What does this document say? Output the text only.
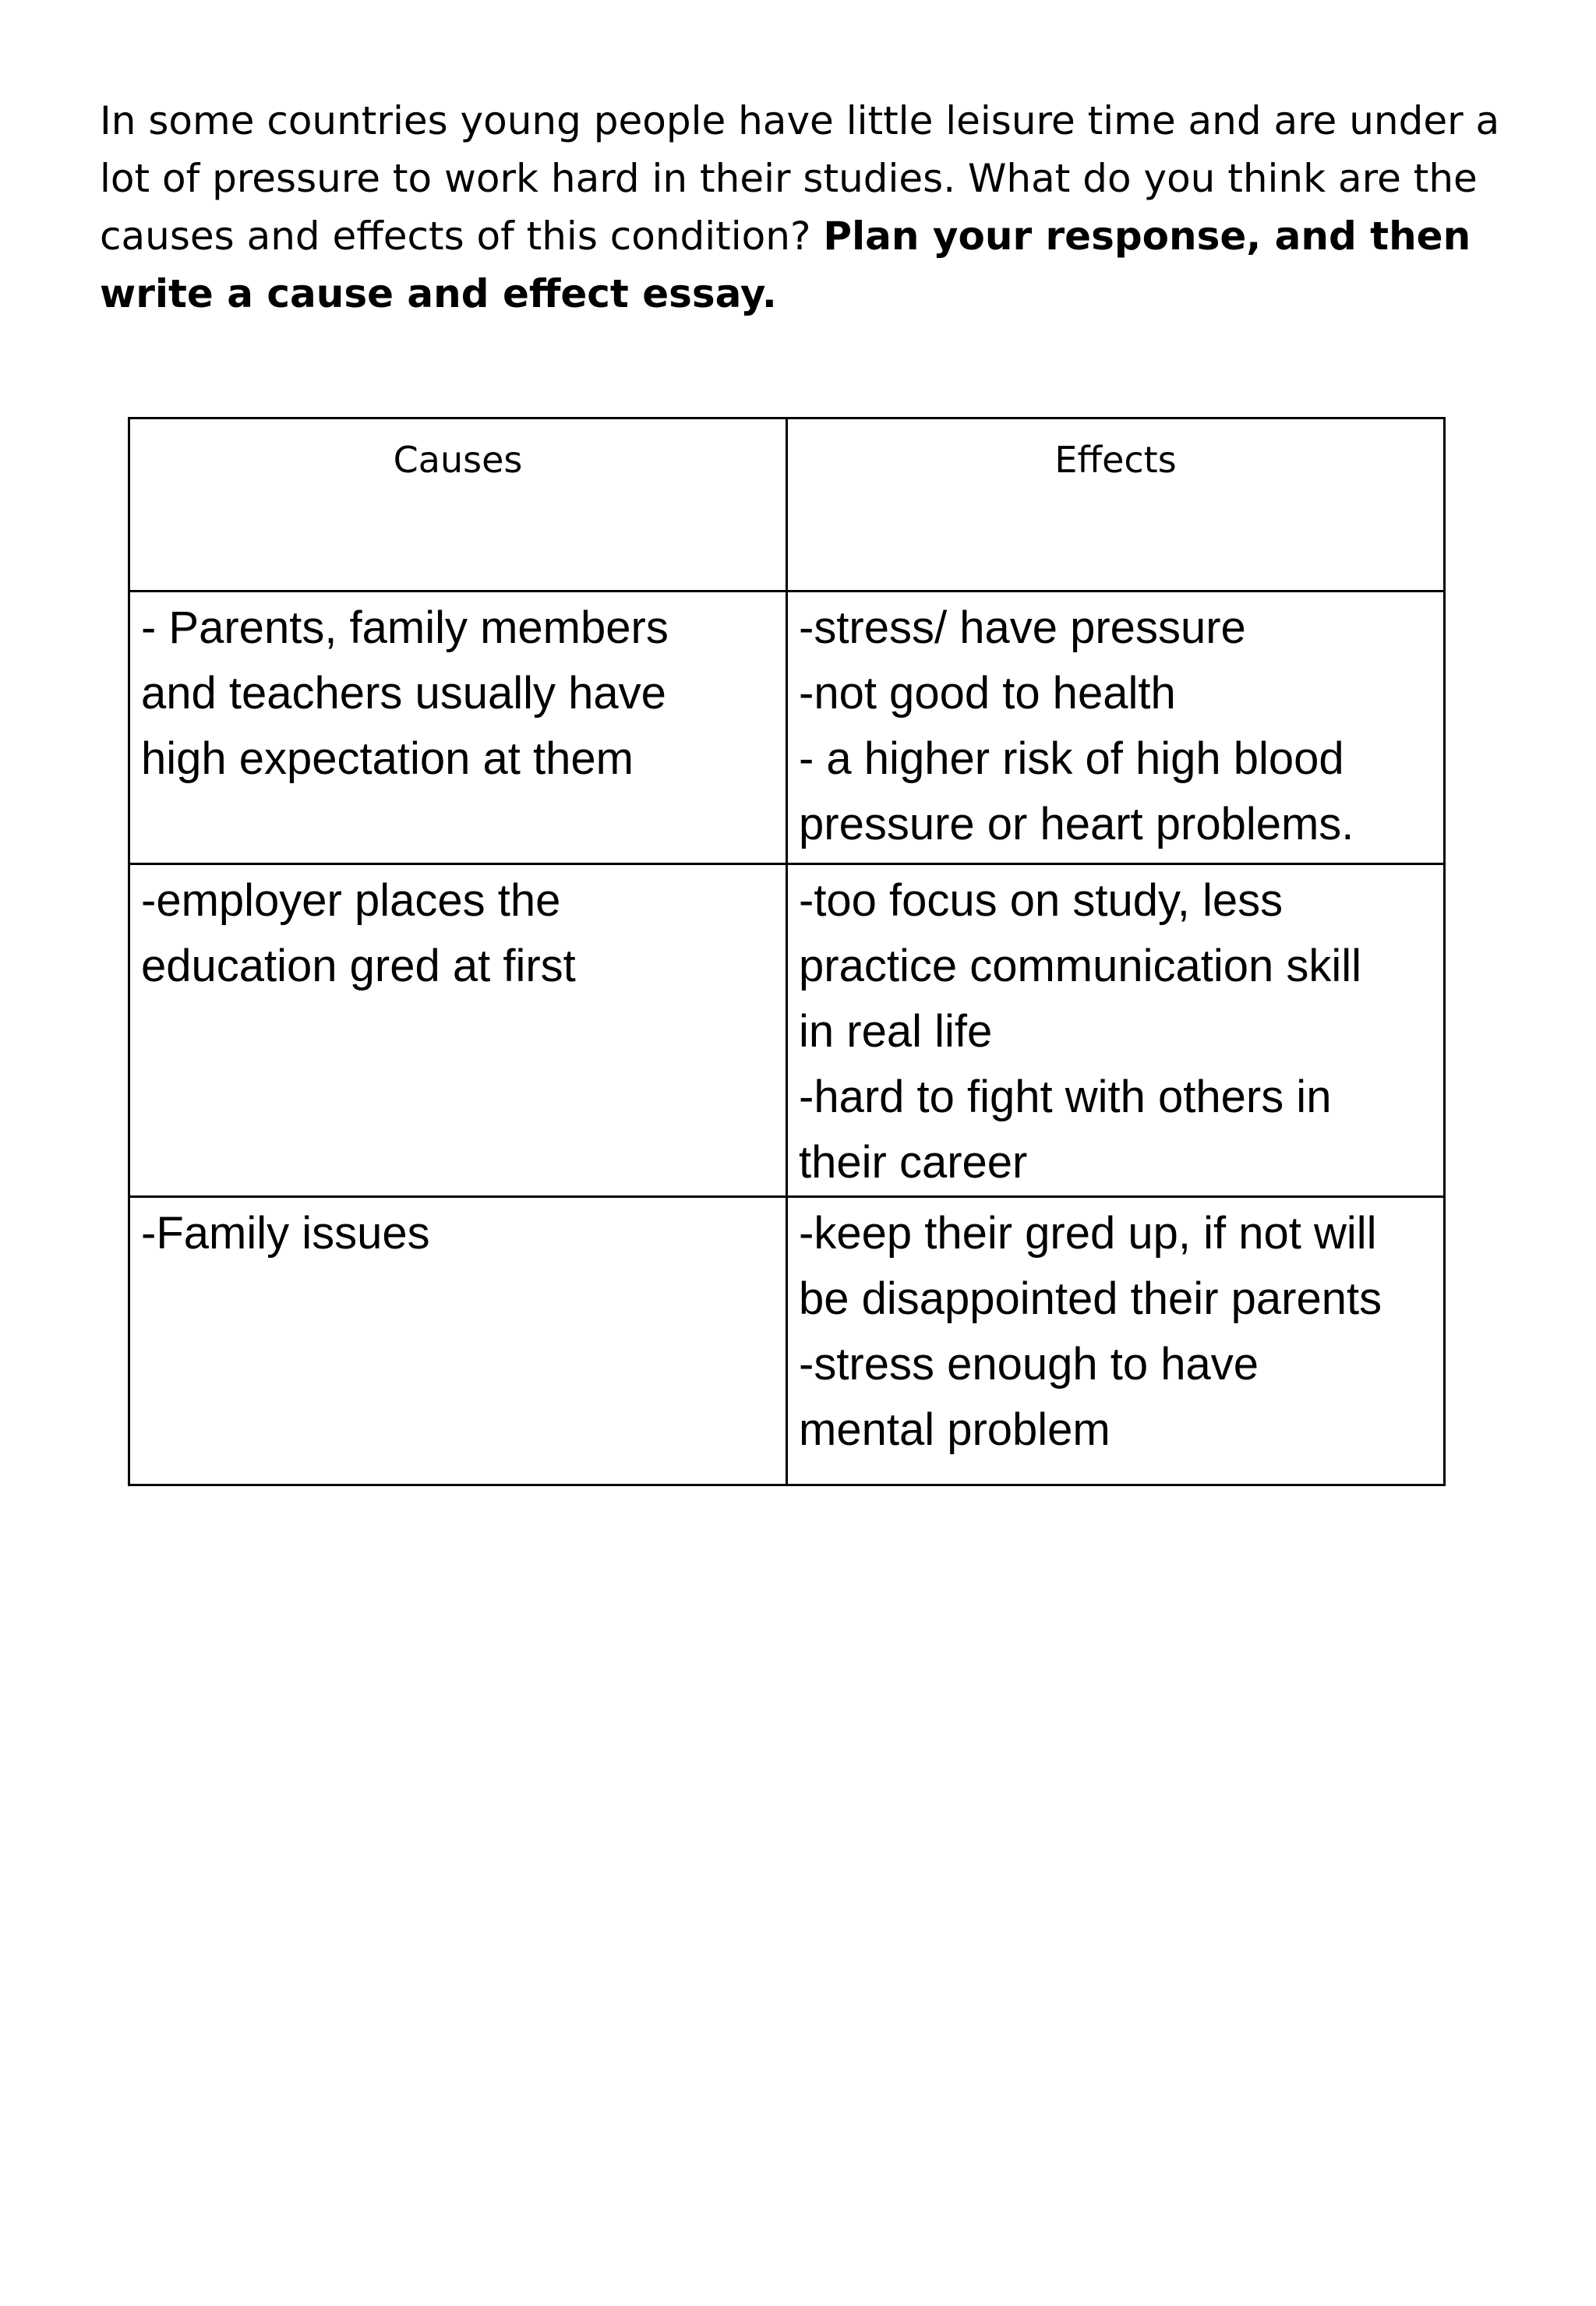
In some countries young people have little leisure time and are under a lot of pressure to work hard in their studies. What do you think are the causes and effects of this condition? Plan your response, and then write a cause and effect essay.

Causes	Effects

- Parents, family members
and teachers usually have
high expectation at them	-stress/ have pressure
-not good to health
- a higher risk of high blood
pressure or heart problems.

-employer places the
education gred at first	-too focus on study, less
practice communication skill
in real life
-hard to fight with others in
their career

-Family issues	-keep their gred up, if not will
be disappointed their parents
-stress enough to have
mental problem
